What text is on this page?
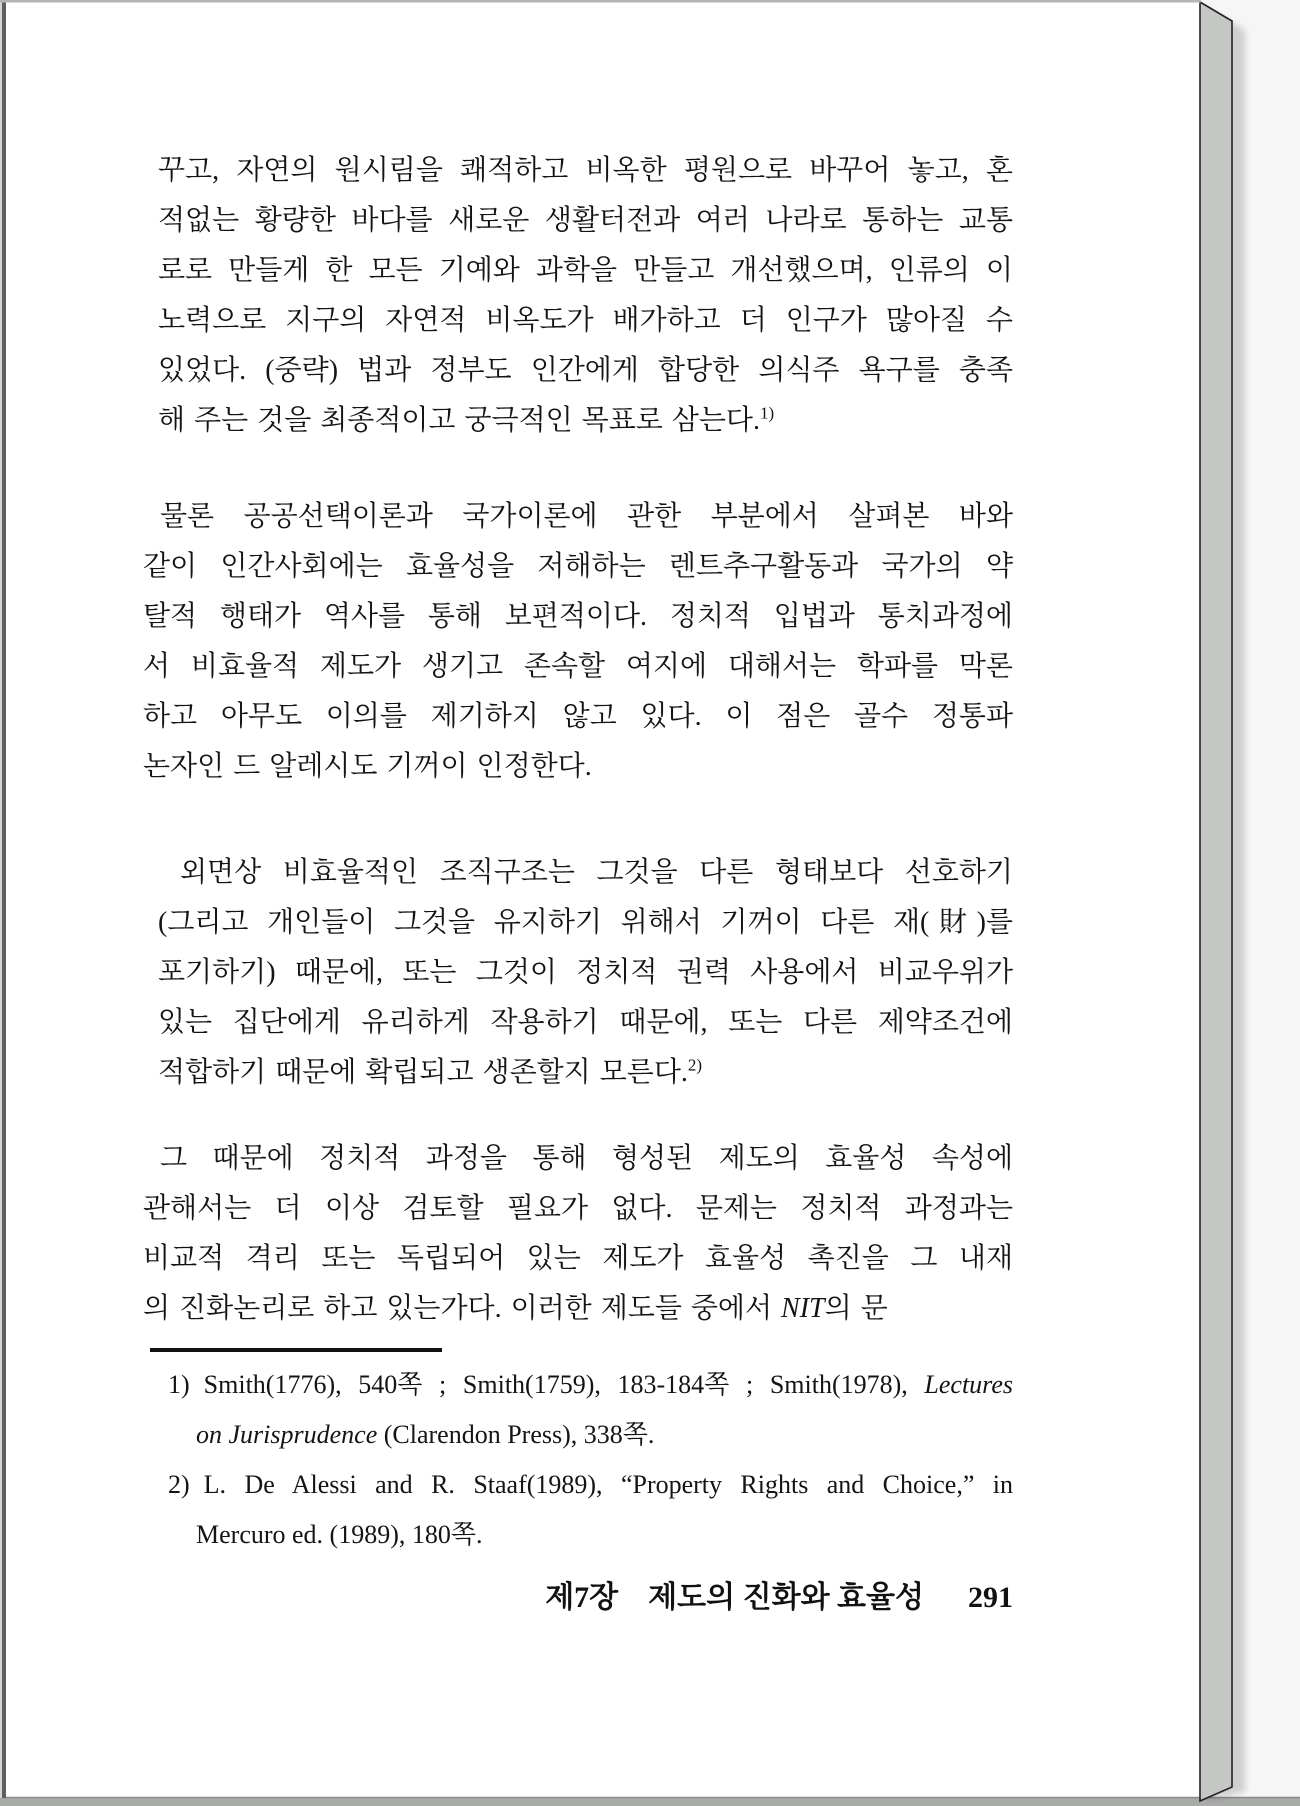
꾸고, 자연의 원시림을 쾌적하고 비옥한 평원으로 바꾸어 놓고, 혼
적없는 황량한 바다를 새로운 생활터전과 여러 나라로 통하는 교통
로로 만들게 한 모든 기예와 과학을 만들고 개선했으며, 인류의 이
노력으로 지구의 자연적 비옥도가 배가하고 더 인구가 많아질 수
있었다. (중략) 법과 정부도 인간에게 합당한 의식주 욕구를 충족
해 주는 것을 최종적이고 궁극적인 목표로 삼는다.$^{1)}$
물론 공공선택이론과 국가이론에 관한 부분에서 살펴본 바와
같이 인간사회에는 효율성을 저해하는 렌트추구활동과 국가의 약
탈적 행태가 역사를 통해 보편적이다. 정치적 입법과 통치과정에
서 비효율적 제도가 생기고 존속할 여지에 대해서는 학파를 막론
하고 아무도 이의를 제기하지 않고 있다. 이 점은 골수 정통파
논자인 드 알레시도 기꺼이 인정한다.
외면상 비효율적인 조직구조는 그것을 다른 형태보다 선호하기
(그리고 개인들이 그것을 유지하기 위해서 기꺼이 다른 재(財)를
포기하기) 때문에, 또는 그것이 정치적 권력 사용에서 비교우위가
있는 집단에게 유리하게 작용하기 때문에, 또는 다른 제약조건에
적합하기 때문에 확립되고 생존할지 모른다.$^{2)}$
그 때문에 정치적 과정을 통해 형성된 제도의 효율성 속성에
관해서는 더 이상 검토할 필요가 없다. 문제는 정치적 과정과는
비교적 격리 또는 독립되어 있는 제도가 효율성 촉진을 그 내재
의 진화논리로 하고 있는가다. 이러한 제도들 중에서 NIT의 문
1) Smith(1776), 540쪽 ; Smith(1759), 183-184쪽 ; Smith(1978), Lectures
on Jurisprudence (Clarendon Press), 338쪽.
2) L. De Alessi and R. Staaf(1989), “Property Rights and Choice,” in
Mercuro ed. (1989), 180쪽.
제7장 제도의 진화와 효율성 291
